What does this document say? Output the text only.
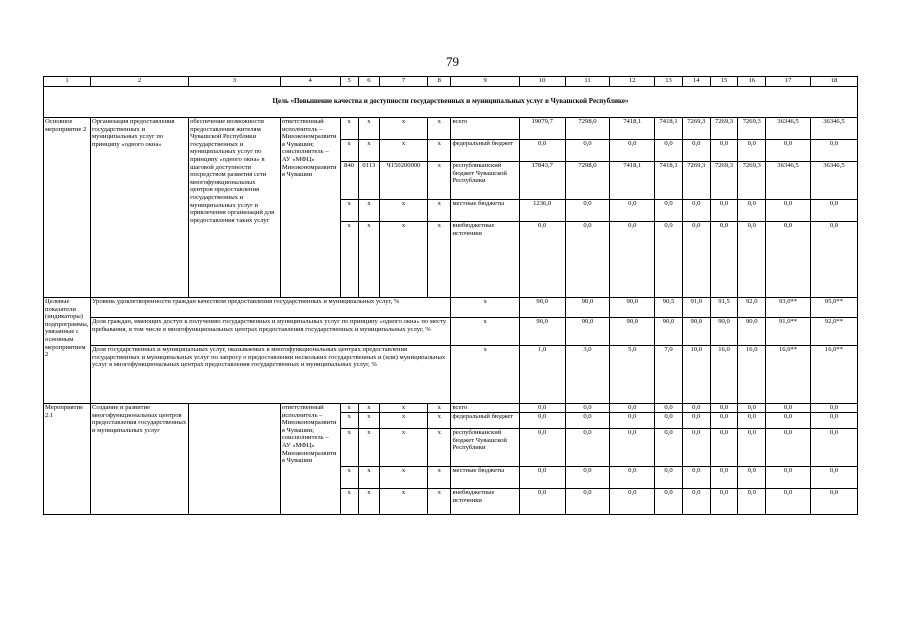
79
1	2	3	4	5	6	7	8	9	10	11	12	13	14	15	16	17	18
Цель «Повышение качества и доступности государственных и муниципальных услуг в Чувашской Республике»																	
Основное мероприятие 2	Организация предоставления государственных и муниципальных услуг по принципу «одного окна»	обеспечение возможности предоставления жителям Чувашской Республики государственных и муниципальных услуг по принципу «одного окна» в шаговой доступности посредством развития сети многофункциональных центров предоставления государственных и муниципальных услуг и привлечения организаций для предоставления таких услуг	ответственный исполнитель – Минэкономразвития Чувашии; соисполнитель – АУ «МФЦ» Минэкономразвития Чувашии	x	x	x	x	всего	19079,7	7298,0	7418,1	7418,1	7269,3	7269,3	7269,3	36346,5	36346,5
				x	x	x	x	федеральный бюджет	0,0	0,0	0,0	0,0	0,0	0,0	0,0	0,0	0,0
				840	0113	Ч150200000	x	республиканский бюджет Чувашской Республики	17843,7	7298,0	7418,1	7418,1	7269,3	7269,3	7269,3	36346,5	36346,5
				x	x	x	x	местные бюджеты	1236,0	0,0	0,0	0,0	0,0	0,0	0,0	0,0	0,0
				x	x	x	x	внебюджетные источники	0,0	0,0	0,0	0,0	0,0	0,0	0,0	0,0	0,0
Целевые показатели (индикаторы) подпрограммы, увязанные с основным мероприятием 2	Уровень удовлетворенности граждан качеством предоставления государственных и муниципальных услуг, %							x	90,0	90,0	90,0	90,5	91,0	91,5	92,0	93,0**	95,0**
	Доля граждан, имеющих доступ к получению государственных и муниципальных услуг по принципу «одного окна» по месту пребывания, в том числе в многофункциональных центрах предоставления государственных и муниципальных услуг, %							x	90,0	90,0	90,0	90,0	90,0	90,0	90,0	91,0**	92,0**
	Доля государственных и муниципальных услуг, оказываемых в многофункциональных центрах предоставления государственных и муниципальных услуг по запросу о предоставлении нескольких государственных и (или) муниципальных услуг в многофункциональных центрах предоставления государственных и муниципальных услуг, %							x	1,0	3,0	5,0	7,0	10,0	16,0	16,0	16,0**	16,0**
Мероприятие 2.1	Создание и развитие многофункциональных центров предоставления государственных и муниципальных услуг		ответственный исполнитель – Минэкономразвития Чувашии; соисполнитель – АУ «МФЦ» Минэкономразвития Чувашии	x	x	x	x	всего	0,0	0,0	0,0	0,0	0,0	0,0	0,0	0,0	0,0
				x	x	x	x	федеральный бюджет	0,0	0,0	0,0	0,0	0,0	0,0	0,0	0,0	0,0
				x	x	x	x	республиканский бюджет Чувашской Республики	0,0	0,0	0,0	0,0	0,0	0,0	0,0	0,0	0,0
				x	x	x	x	местные бюджеты	0,0	0,0	0,0	0,0	0,0	0,0	0,0	0,0	0,0
				x	x	x	x	внебюджетные источники	0,0	0,0	0,0	0,0	0,0	0,0	0,0	0,0	0,0
